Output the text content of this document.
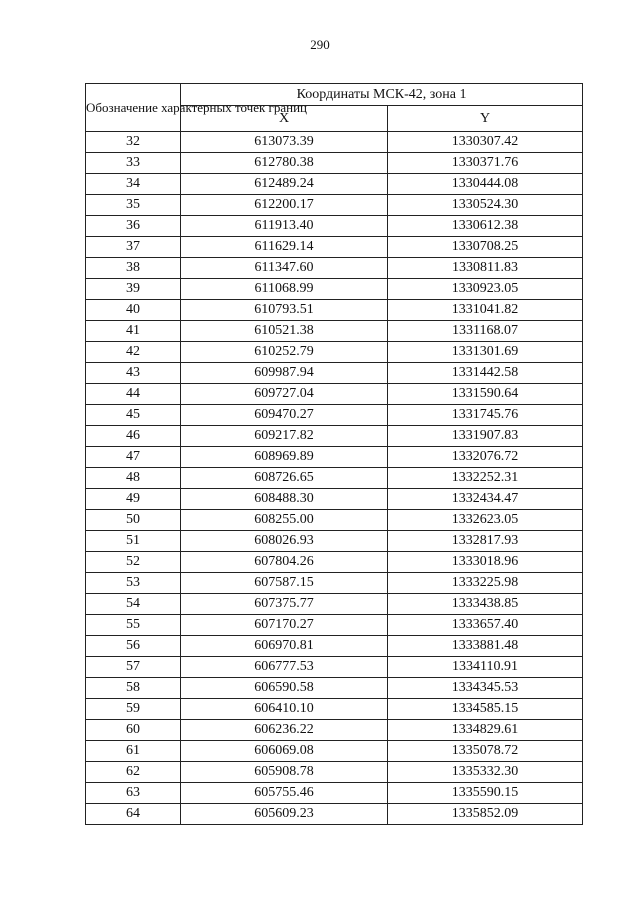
290
Обозначение характерных точек границ	Координаты МСК-42, зона 1	
	X	Y
32	613073.39	1330307.42
33	612780.38	1330371.76
34	612489.24	1330444.08
35	612200.17	1330524.30
36	611913.40	1330612.38
37	611629.14	1330708.25
38	611347.60	1330811.83
39	611068.99	1330923.05
40	610793.51	1331041.82
41	610521.38	1331168.07
42	610252.79	1331301.69
43	609987.94	1331442.58
44	609727.04	1331590.64
45	609470.27	1331745.76
46	609217.82	1331907.83
47	608969.89	1332076.72
48	608726.65	1332252.31
49	608488.30	1332434.47
50	608255.00	1332623.05
51	608026.93	1332817.93
52	607804.26	1333018.96
53	607587.15	1333225.98
54	607375.77	1333438.85
55	607170.27	1333657.40
56	606970.81	1333881.48
57	606777.53	1334110.91
58	606590.58	1334345.53
59	606410.10	1334585.15
60	606236.22	1334829.61
61	606069.08	1335078.72
62	605908.78	1335332.30
63	605755.46	1335590.15
64	605609.23	1335852.09
